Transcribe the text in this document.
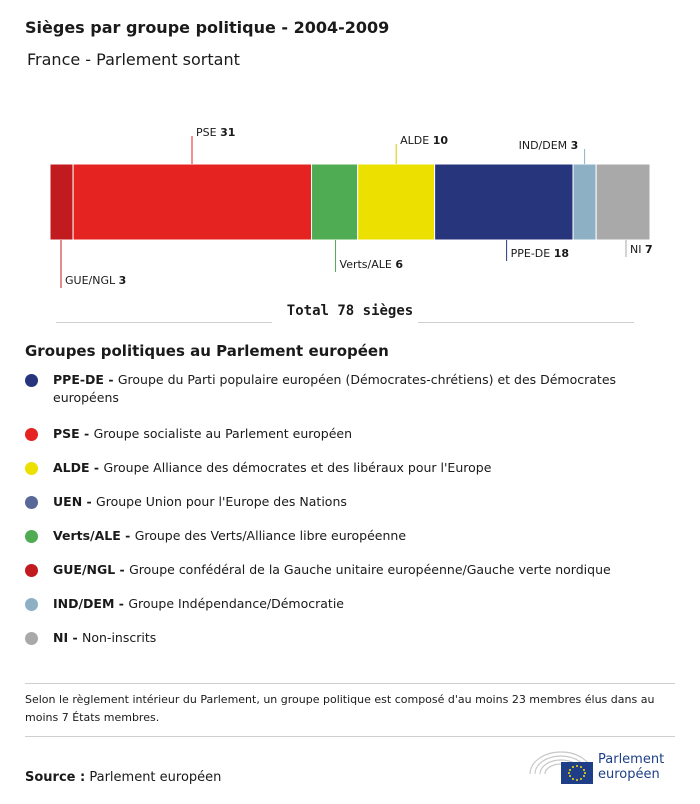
Sièges par groupe politique - 2004-2009
France - Parlement sortant
GUE/NGL 3
PSE 31
Verts/ALE 6
ALDE 10
PPE-DE 18
IND/DEM 3
NI 7
Total 78 sièges
Groupes politiques au Parlement européen
PPE-DE - Groupe du Parti populaire européen (Démocrates-chrétiens) et des Démocrates européens
PSE - Groupe socialiste au Parlement européen
ALDE - Groupe Alliance des démocrates et des libéraux pour l'Europe
UEN - Groupe Union pour l'Europe des Nations
Verts/ALE - Groupe des Verts/Alliance libre européenne
GUE/NGL - Groupe confédéral de la Gauche unitaire européenne/Gauche verte nordique
IND/DEM - Groupe Indépendance/Démocratie
NI - Non-inscrits
Selon le règlement intérieur du Parlement, un groupe politique est composé d'au moins 23 membres élus dans au moins 7 États membres.
Source : Parlement européen
Parlement
européen
